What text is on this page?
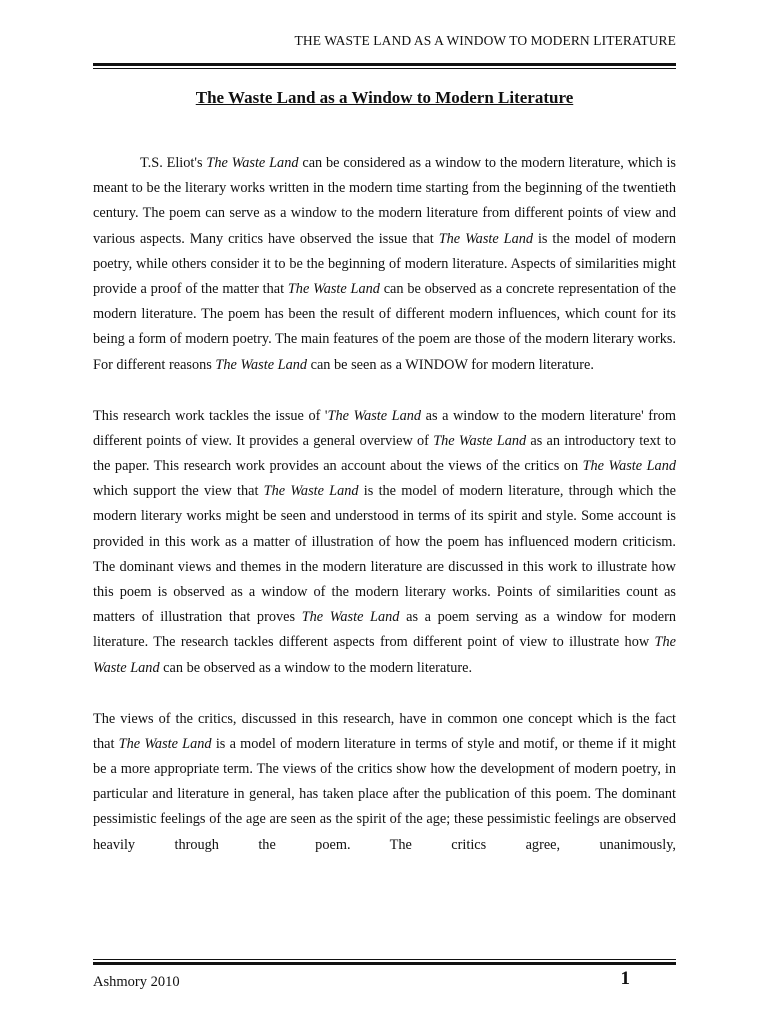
THE WASTE LAND AS A WINDOW TO MODERN LITERATURE
The Waste Land as a Window to Modern Literature

T.S. Eliot's The Waste Land can be considered as a window to the modern literature, which is meant to be the literary works written in the modern time starting from the beginning of the twentieth century. The poem can serve as a window to the modern literature from different points of view and various aspects. Many critics have observed the issue that The Waste Land is the model of modern poetry, while others consider it to be the beginning of modern literature. Aspects of similarities might provide a proof of the matter that The Waste Land can be observed as a concrete representation of the modern literature. The poem has been the result of different modern influences, which count for its being a form of modern poetry. The main features of the poem are those of the modern literary works. For different reasons The Waste Land can be seen as a WINDOW for modern literature.

This research work tackles the issue of 'The Waste Land as a window to the modern literature' from different points of view. It provides a general overview of The Waste Land as an introductory text to the paper. This research work provides an account about the views of the critics on The Waste Land which support the view that The Waste Land is the model of modern literature, through which the modern literary works might be seen and understood in terms of its spirit and style. Some account is provided in this work as a matter of illustration of how the poem has influenced modern criticism. The dominant views and themes in the modern literature are discussed in this work to illustrate how this poem is observed as a window of the modern literary works. Points of similarities count as matters of illustration that proves The Waste Land as a poem serving as a window for modern literature. The research tackles different aspects from different point of view to illustrate how The Waste Land can be observed as a window to the modern literature.

The views of the critics, discussed in this research, have in common one concept which is the fact that The Waste Land is a model of modern literature in terms of style and motif, or theme if it might be a more appropriate term. The views of the critics show how the development of modern poetry, in particular and literature in general, has taken place after the publication of this poem. The dominant pessimistic feelings of the age are seen as the spirit of the age; these pessimistic feelings are observed heavily through the poem. The critics agree, unanimously,

Ashmory 2010	1
